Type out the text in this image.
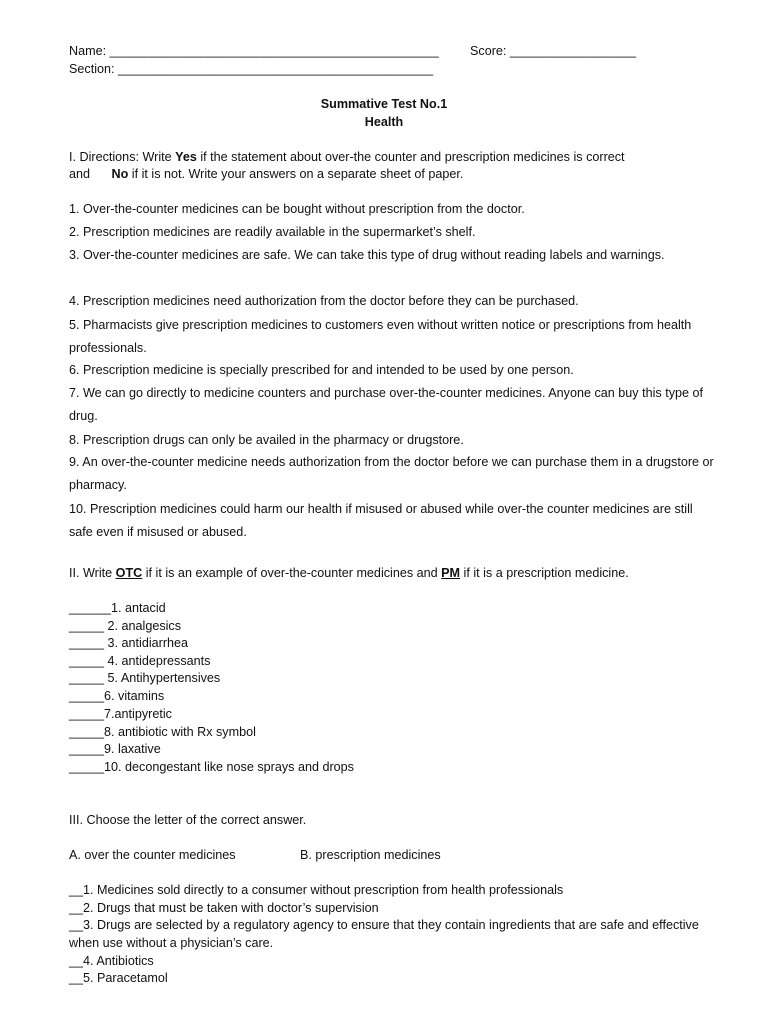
Name: _______________________________________________ Score: __________________
Section: _____________________________________________
Summative Test No.1
Health
I. Directions: Write Yes if the statement about over-the counter and prescription medicines is correct
and No if it is not. Write your answers on a separate sheet of paper.
1. Over-the-counter medicines can be bought without prescription from the doctor.
2. Prescription medicines are readily available in the supermarket’s shelf.
3. Over-the-counter medicines are safe. We can take this type of drug without reading labels and warnings.
4. Prescription medicines need authorization from the doctor before they can be purchased.
5. Pharmacists give prescription medicines to customers even without written notice or prescriptions from health professionals.
6. Prescription medicine is specially prescribed for and intended to be used by one person.
7. We can go directly to medicine counters and purchase over-the-counter medicines. Anyone can buy this type of drug.
8. Prescription drugs can only be availed in the pharmacy or drugstore.
9. An over-the-counter medicine needs authorization from the doctor before we can purchase them in a drugstore or pharmacy.
10. Prescription medicines could harm our health if misused or abused while over-the counter medicines are still safe even if misused or abused.
II. Write OTC if it is an example of over-the-counter medicines and PM if it is a prescription medicine.
______1. antacid
_____ 2. analgesics
_____ 3. antidiarrhea
_____ 4. antidepressants
_____ 5. Antihypertensives
_____6. vitamins
_____7.antipyretic
_____8. antibiotic with Rx symbol
_____9. laxative
_____10. decongestant like nose sprays and drops
III. Choose the letter of the correct answer.
A. over the counter medicines	B. prescription medicines
__1. Medicines sold directly to a consumer without prescription from health professionals
__2. Drugs that must be taken with doctor’s supervision
__3. Drugs are selected by a regulatory agency to ensure that they contain ingredients that are safe and effective when use without a physician’s care.
__4. Antibiotics
__5. Paracetamol
